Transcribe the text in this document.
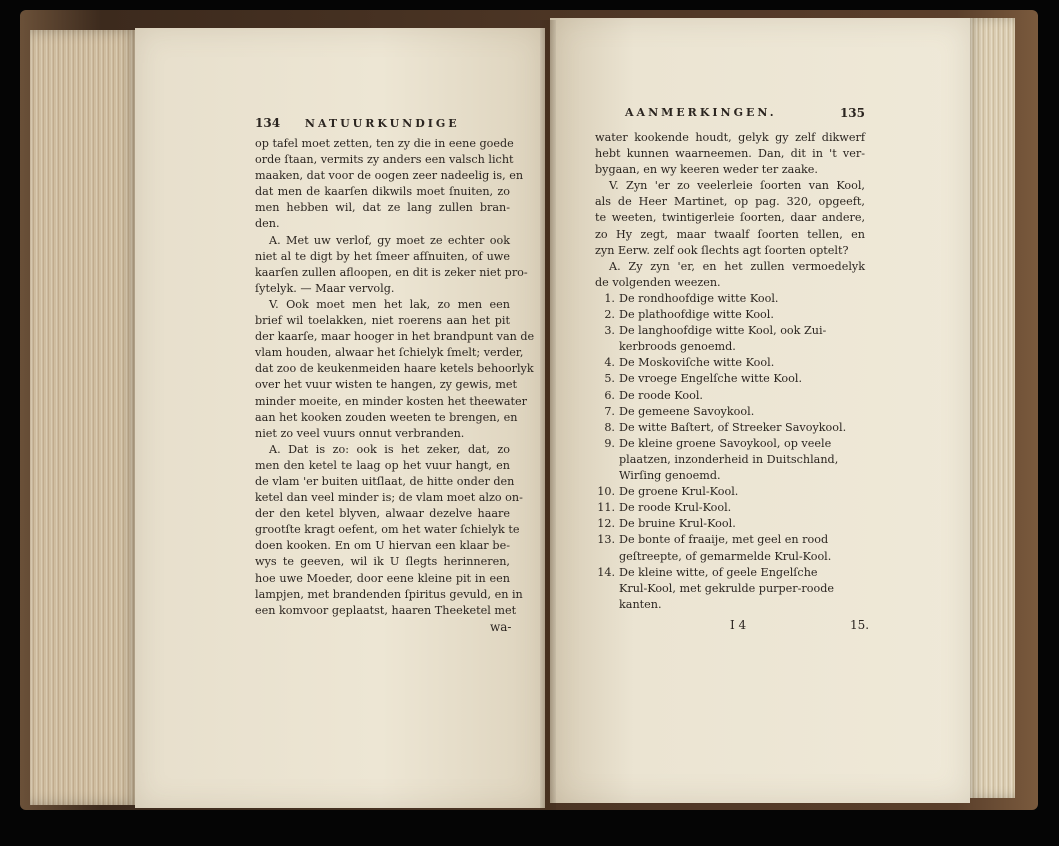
134 NATUURKUNDIGE
op tafel moet zetten, ten zy die in eene goede
orde ſtaan, vermits zy anders een valsch licht
maaken, dat voor de oogen zeer nadeelig is, en
dat men de kaarſen dikwils moet ſnuiten, zo
men hebben wil, dat ze lang zullen bran-
den.
A. Met uw verlof, gy moet ze echter ook
niet al te digt by het ſmeer afſnuiten, of uwe
kaarſen zullen afloopen, en dit is zeker niet pro-
ſytelyk. — Maar vervolg.
V. Ook moet men het lak, zo men een
brief wil toelakken, niet roerens aan het pit
der kaarſe, maar hooger in het brandpunt van de
vlam houden, alwaar het ſchielyk ſmelt; verder,
dat zoo de keukenmeiden haare ketels behoorlyk
over het vuur wisten te hangen, zy gewis, met
minder moeite, en minder kosten het theewater
aan het kooken zouden weeten te brengen, en
niet zo veel vuurs onnut verbranden.
A. Dat is zo: ook is het zeker, dat, zo
men den ketel te laag op het vuur hangt, en
de vlam 'er buiten uitſlaat, de hitte onder den
ketel dan veel minder is; de vlam moet alzo on-
der den ketel blyven, alwaar dezelve haare
grootſte kragt oefent, om het water ſchielyk te
doen kooken. En om U hiervan een klaar be-
wys te geeven, wil ik U ſlegts herinneren,
hoe uwe Moeder, door eene kleine pit in een
lampjen, met brandenden ſpiritus gevuld, en in
een komvoor geplaatst, haaren Theeketel met
wa-
AANMERKINGEN.	135
water kookende houdt, gelyk gy zelf dikwerf
hebt kunnen waarneemen. Dan, dit in 't ver-
bygaan, en wy keeren weder ter zaake.
V. Zyn 'er zo veelerleie ſoorten van Kool,
als de Heer Martinet, op pag. 320, opgeeft,
te weeten, twintigerleie ſoorten, daar andere,
zo Hy zegt, maar twaalf ſoorten tellen, en
zyn Eerw. zelf ook ſlechts agt ſoorten optelt?
A. Zy zyn 'er, en het zullen vermoedelyk
de volgenden weezen.
1. De rondhoofdige witte Kool.
2. De plathoofdige witte Kool.
3. De langhoofdige witte Kool, ook Zui-
kerbroods genoemd.
4. De Moskoviſche witte Kool.
5. De vroege Engelſche witte Kool.
6. De roode Kool.
7. De gemeene Savoykool.
8. De witte Baſtert, of Streeker Savoykool.
9. De kleine groene Savoykool, op veele
plaatzen, inzonderheid in Duitschland,
Wirſing genoemd.
10. De groene Krul-Kool.
11. De roode Krul-Kool.
12. De bruine Krul-Kool.
13. De bonte of fraaije, met geel en rood
geſtreepte, of gemarmelde Krul-Kool.
14. De kleine witte, of geele Engelſche
Krul-Kool, met gekrulde purper-roode
kanten.
I 4	15.
